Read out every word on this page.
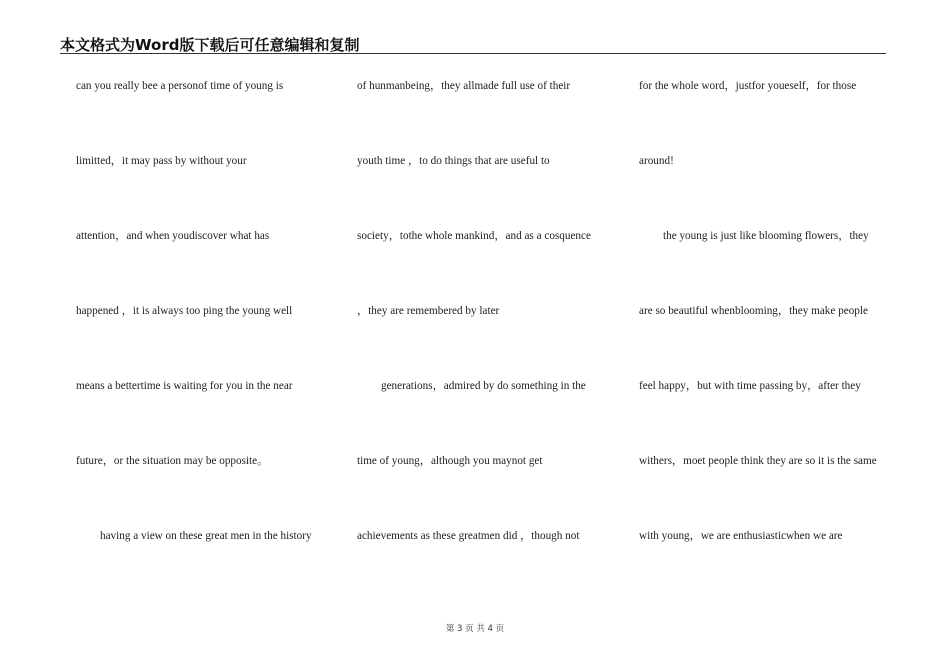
本文格式为Word版下载后可任意编辑和复制
can you really bee a personof time of young is
limitted，it may pass by without your
attention，and when youdiscover what has
happened ，it is always too ping the young well
means a bettertime is waiting for you in the near
future，or the situation may be opposite。
having a view on these great men in the history
of hunmanbeing，they allmade full use of their
youth time ，to do things that are useful to
society，tothe whole mankind，and as a cosquence
，they are remembered by later
generations，admired by do something in the
time of young，although you maynot get
achievements as these greatmen did ，though not
for the whole word，justfor youeself，for those
around!
the young is just like blooming flowers，they
are so beautiful whenblooming，they make people
feel happy，but with time passing by，after they
withers，moet people think they are so it is the same
with young，we are enthusiasticwhen we are
第 3 页 共 4 页
